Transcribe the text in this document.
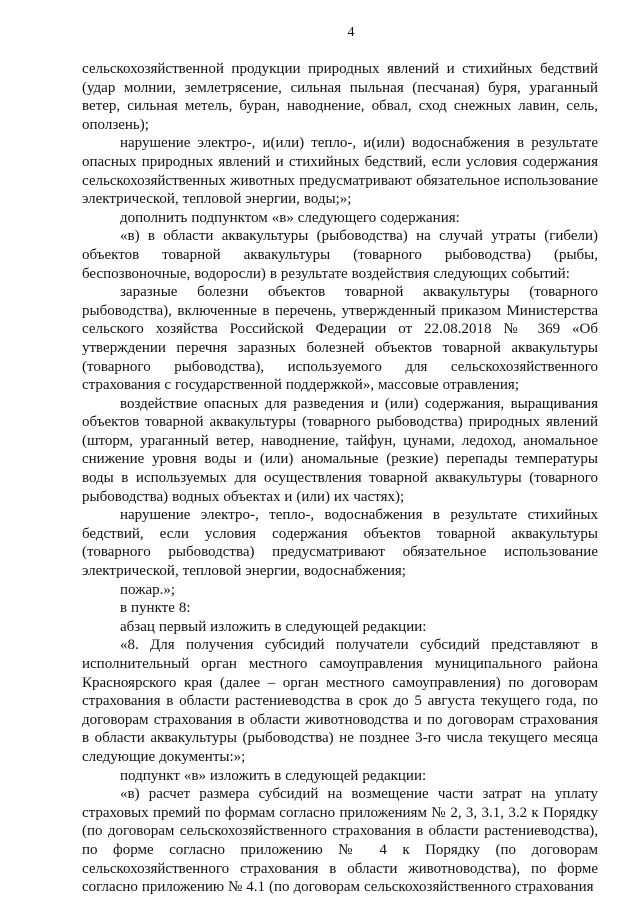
4

сельскохозяйственной продукции природных явлений и стихийных бедствий (удар молнии, землетрясение, сильная пыльная (песчаная) буря, ураганный ветер, сильная метель, буран, наводнение, обвал, сход снежных лавин, сель, оползень);

нарушение электро-, и(или) тепло-, и(или) водоснабжения в результате опасных природных явлений и стихийных бедствий, если условия содержания сельскохозяйственных животных предусматривают обязательное использование электрической, тепловой энергии, воды;»;

дополнить подпунктом «в» следующего содержания:

«в) в области аквакультуры (рыбоводства) на случай утраты (гибели) объектов товарной аквакультуры (товарного рыбоводства) (рыбы, беспозвоночные, водоросли) в результате воздействия следующих событий:

заразные болезни объектов товарной аквакультуры (товарного рыбоводства), включенные в перечень, утвержденный приказом Министерства сельского хозяйства Российской Федерации от 22.08.2018 № 369 «Об утверждении перечня заразных болезней объектов товарной аквакультуры (товарного рыбоводства), используемого для сельскохозяйственного страхования с государственной поддержкой», массовые отравления;

воздействие опасных для разведения и (или) содержания, выращивания объектов товарной аквакультуры (товарного рыбоводства) природных явлений (шторм, ураганный ветер, наводнение, тайфун, цунами, ледоход, аномальное снижение уровня воды и (или) аномальные (резкие) перепады температуры воды в используемых для осуществления товарной аквакультуры (товарного рыбоводства) водных объектах и (или) их частях);

нарушение электро-, тепло-, водоснабжения в результате стихийных бедствий, если условия содержания объектов товарной аквакультуры (товарного рыбоводства) предусматривают обязательное использование электрической, тепловой энергии, водоснабжения;

пожар.»;

в пункте 8:

абзац первый изложить в следующей редакции:

«8. Для получения субсидий получатели субсидий представляют в исполнительный орган местного самоуправления муниципального района Красноярского края (далее – орган местного самоуправления) по договорам страхования в области растениеводства в срок до 5 августа текущего года, по договорам страхования в области животноводства и по договорам страхования в области аквакультуры (рыбоводства) не позднее 3-го числа текущего месяца следующие документы:»;

подпункт «в» изложить в следующей редакции:

«в) расчет размера субсидий на возмещение части затрат на уплату страховых премий по формам согласно приложениям № 2, 3, 3.1, 3.2 к Порядку (по договорам сельскохозяйственного страхования в области растениеводства), по форме согласно приложению № 4 к Порядку (по договорам сельскохозяйственного страхования в области животноводства), по форме согласно приложению № 4.1 (по договорам сельскохозяйственного страхования
